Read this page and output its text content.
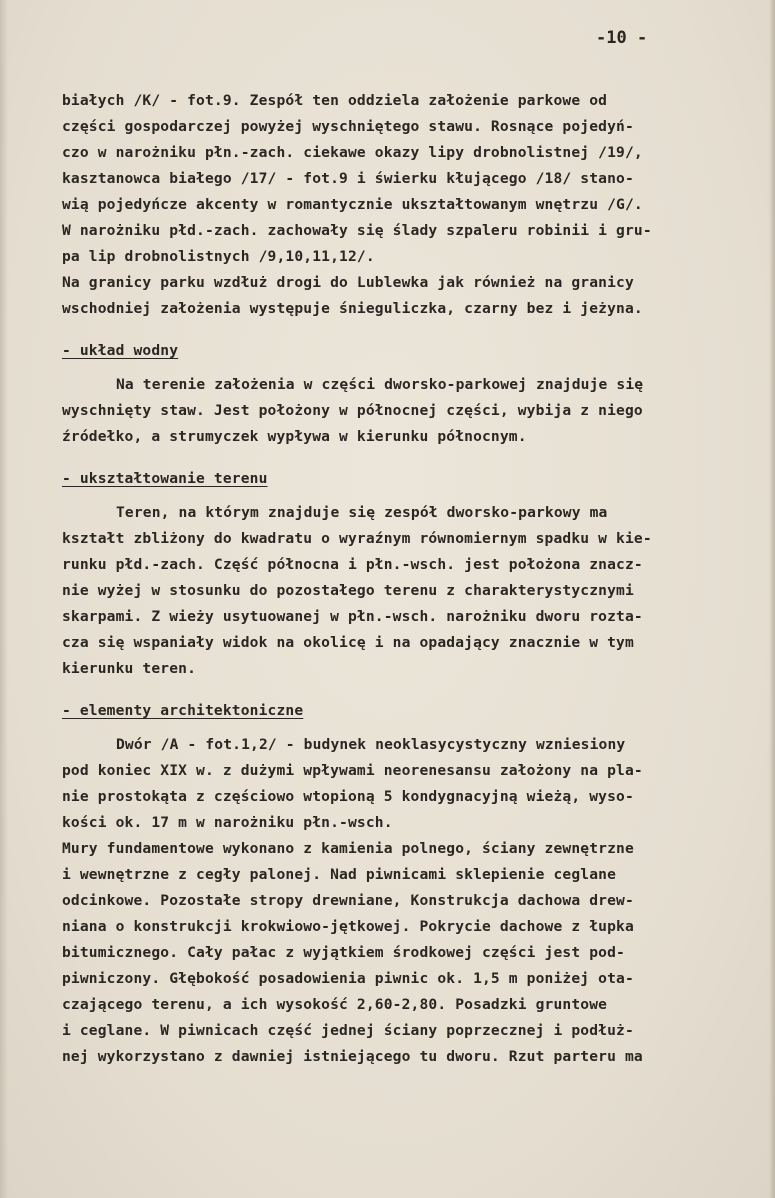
-10 -
białych /K/ - fot.9. Zespół ten oddziela założenie parkowe od
części gospodarczej powyżej wyschniętego stawu. Rosnące pojedyń-
czo w narożniku płn.-zach. ciekawe okazy lipy drobnolistnej /19/,
kasztanowca białego /17/ - fot.9 i świerku kłującego /18/ stano-
wią pojedyńcze akcenty w romantycznie ukształtowanym wnętrzu /G/.
W narożniku płd.-zach. zachowały się ślady szpaleru robinii i gru-
pa lip drobnolistnych /9,10,11,12/.
Na granicy parku wzdłuż drogi do Lublewka jak również na granicy
wschodniej założenia występuje śnieguliczka, czarny bez i jeżyna.
- układ wodny
Na terenie założenia w części dworsko-parkowej znajduje się
wyschnięty staw. Jest położony w północnej części, wybija z niego
źródełko, a strumyczek wypływa w kierunku północnym.
- ukształtowanie terenu
Teren, na którym znajduje się zespół dworsko-parkowy ma
kształt zbliżony do kwadratu o wyraźnym równomiernym spadku w kie-
runku płd.-zach. Część północna i płn.-wsch. jest położona znacz-
nie wyżej w stosunku do pozostałego terenu z charakterystycznymi
skarpami. Z wieży usytuowanej w płn.-wsch. narożniku dworu rozta-
cza się wspaniały widok na okolicę i na opadający znacznie w tym
kierunku teren.
- elementy architektoniczne
Dwór /A - fot.1,2/ - budynek neoklasycystyczny wzniesiony
pod koniec XIX w. z dużymi wpływami neorenesansu założony na pla-
nie prostokąta z częściowo wtopioną 5 kondygnacyjną wieżą, wyso-
kości ok. 17 m w narożniku płn.-wsch.
Mury fundamentowe wykonano z kamienia polnego, ściany zewnętrzne
i wewnętrzne z cegły palonej. Nad piwnicami sklepienie ceglane
odcinkowe. Pozostałe stropy drewniane, Konstrukcja dachowa drew-
niana o konstrukcji krokwiowo-jętkowej. Pokrycie dachowe z łupka
bitumicznego. Cały pałac z wyjątkiem środkowej części jest pod-
piwniczony. Głębokość posadowienia piwnic ok. 1,5 m poniżej ota-
czającego terenu, a ich wysokość 2,60-2,80. Posadzki gruntowe
i ceglane. W piwnicach część jednej ściany poprzecznej i podłuż-
nej wykorzystano z dawniej istniejącego tu dworu. Rzut parteru ma
